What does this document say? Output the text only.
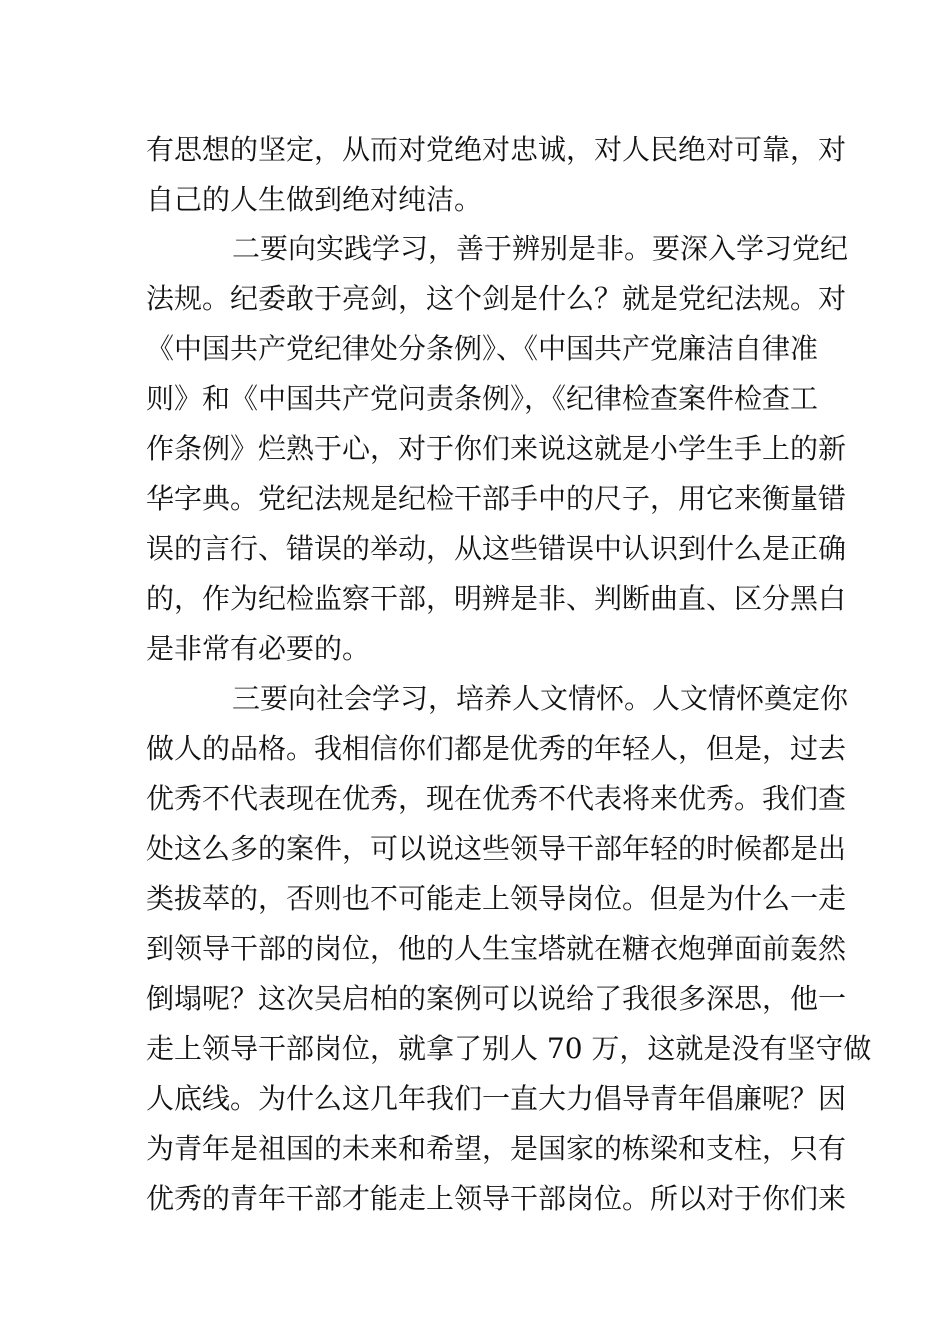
有思想的坚定，从而对党绝对忠诚，对人民绝对可靠，对
自己的人生做到绝对纯洁。
二要向实践学习，善于辨别是非。要深入学习党纪
法规。纪委敢于亮剑，这个剑是什么？就是党纪法规。对
《中国共产党纪律处分条例》、《中国共产党廉洁自律准
则》和《中国共产党问责条例》，《纪律检查案件检查工
作条例》烂熟于心，对于你们来说这就是小学生手上的新
华字典。党纪法规是纪检干部手中的尺子，用它来衡量错
误的言行、错误的举动，从这些错误中认识到什么是正确
的，作为纪检监察干部，明辨是非、判断曲直、区分黑白
是非常有必要的。
三要向社会学习，培养人文情怀。人文情怀奠定你
做人的品格。我相信你们都是优秀的年轻人，但是，过去
优秀不代表现在优秀，现在优秀不代表将来优秀。我们查
处这么多的案件，可以说这些领导干部年轻的时候都是出
类拔萃的，否则也不可能走上领导岗位。但是为什么一走
到领导干部的岗位，他的人生宝塔就在糖衣炮弹面前轰然
倒塌呢？这次吴启柏的案例可以说给了我很多深思，他一
走上领导干部岗位，就拿了别人 70 万，这就是没有坚守做
人底线。为什么这几年我们一直大力倡导青年倡廉呢？因
为青年是祖国的未来和希望，是国家的栋梁和支柱，只有
优秀的青年干部才能走上领导干部岗位。所以对于你们来
